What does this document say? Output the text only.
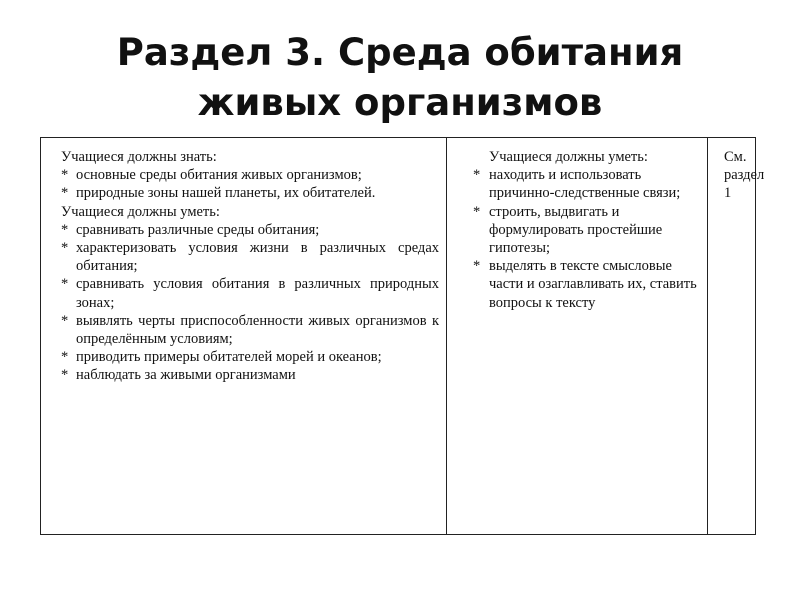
Раздел 3. Среда обитания
живых организмов
Учащиеся должны знать:
* основные среды обитания живых организмов;
* природные зоны нашей планеты, их обитателей.
Учащиеся должны уметь:
* сравнивать различные среды обитания;
* характеризовать условия жизни в различных средах обитания;
* сравнивать условия обитания в различных природных зонах;
* выявлять черты приспособленности живых организмов к определённым условиям;
* приводить примеры обитателей морей и океанов;
* наблюдать за живыми организмами

Учащиеся должны уметь:
* находить и использовать причинно-следственные связи;
* строить, выдвигать и формулировать простейшие гипотезы;
* выделять в тексте смысловые части и озаглавливать их, ставить вопросы к тексту

См. раздел 1
